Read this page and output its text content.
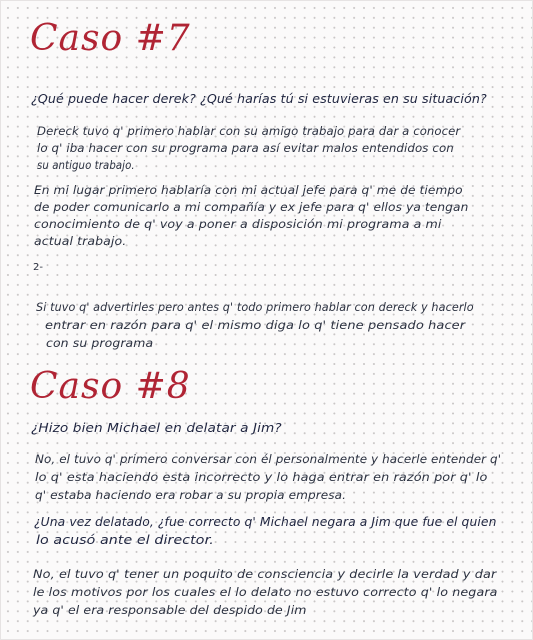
Caso #7
¿Qué puede hacer derek? ¿Qué harías tú si estuvieras en su situación?
Dereck tuvo q' primero hablar con su amigo trabajo para dar a conocer
lo q' iba hacer con su programa para así evitar malos entendidos con
su antiguo trabajo.
En mi lugar primero hablaría con mi actual jefe para q' me de tiempo
de poder comunicarlo a mi compañía y ex jefe para q' ellos ya tengan
conocimiento de q' voy a poner a disposición mi programa a mi
actual trabajo.
2-
Si tuvo q' advertirles pero antes q' todo primero hablar con dereck y hacerlo
entrar en razón para q' el mismo diga lo q' tiene pensado hacer
con su programa
Caso #8
¿Hizo bien Michael en delatar a Jim?
No, el tuvo q' primero conversar con él personalmente y hacerle entender q'
lo q' esta haciendo esta incorrecto y lo haga entrar en razón por q' lo
q' estaba haciendo era robar a su propia empresa.
¿Una vez delatado, ¿fue correcto q' Michael negara a Jim que fue el quien
lo acusó ante el director.
No, el tuvo q' tener un poquito de consciencia y decirle la verdad y dar
le los motivos por los cuales el lo delato no estuvo correcto q' lo negara
ya q' el era responsable del despido de Jim
